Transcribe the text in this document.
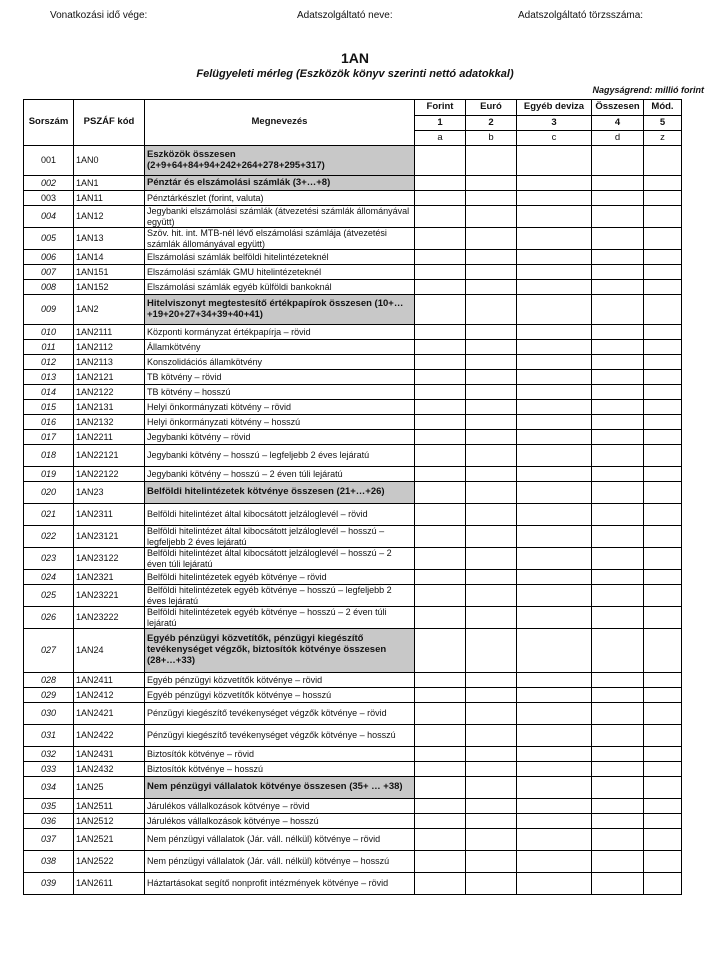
Vonatkozási idő vége:	Adatszolgáltató neve:	Adatszolgáltató törzsszáma:
1AN
Felügyeleti mérleg (Eszközök könyv szerinti nettó adatokkal)
Nagyságrend: millió forint
Sorszám	PSZÁF kód	Megnevezés	Forint	Euró	Egyéb deviza	Összesen	Mód.
			1	2	3	4	5
			a	b	c	d	z
001	1AN0	Eszközök összesen (2+9+64+84+94+242+264+278+295+317)					
002	1AN1	Pénztár és elszámolási számlák (3+…+8)					
003	1AN11	Pénztárkészlet (forint, valuta)					
004	1AN12	Jegybanki elszámolási számlák (átvezetési számlák állományával együtt)					
005	1AN13	Szöv. hit. int. MTB-nél lévő elszámolási számlája (átvezetési számlák állományával együtt)					
006	1AN14	Elszámolási számlák belföldi hitelintézeteknél					
007	1AN151	Elszámolási számlák GMU hitelintézeteknél					
008	1AN152	Elszámolási számlák egyéb külföldi bankoknál					
009	1AN2	Hitelviszonyt megtestesítő értékpapírok összesen (10+…+19+20+27+34+39+40+41)					
010	1AN2111	Központi kormányzat értékpapírja – rövid					
011	1AN2112	Államkötvény					
012	1AN2113	Konszolidációs államkötvény					
013	1AN2121	TB kötvény – rövid					
014	1AN2122	TB kötvény – hosszú					
015	1AN2131	Helyi önkormányzati kötvény – rövid					
016	1AN2132	Helyi önkormányzati kötvény – hosszú					
017	1AN2211	Jegybanki kötvény – rövid					
018	1AN22121	Jegybanki kötvény – hosszú – legfeljebb 2 éves lejáratú					
019	1AN22122	Jegybanki kötvény – hosszú – 2 éven túli lejáratú					
020	1AN23	Belföldi hitelintézetek kötvénye összesen (21+…+26)					
021	1AN2311	Belföldi hitelintézet által kibocsátott jelzáloglevél – rövid					
022	1AN23121	Belföldi hitelintézet által kibocsátott jelzáloglevél – hosszú – legfeljebb 2 éves lejáratú					
023	1AN23122	Belföldi hitelintézet által kibocsátott jelzáloglevél – hosszú – 2 éven túli lejáratú					
024	1AN2321	Belföldi hitelintézetek egyéb kötvénye – rövid					
025	1AN23221	Belföldi hitelintézetek egyéb kötvénye – hosszú – legfeljebb 2 éves lejáratú					
026	1AN23222	Belföldi hitelintézetek egyéb kötvénye – hosszú – 2 éven túli lejáratú					
027	1AN24	Egyéb pénzügyi közvetítők, pénzügyi kiegészítő tevékenységet végzők, biztosítók kötvénye összesen (28+…+33)					
028	1AN2411	Egyéb pénzügyi közvetítők kötvénye – rövid					
029	1AN2412	Egyéb pénzügyi közvetítők kötvénye – hosszú					
030	1AN2421	Pénzügyi kiegészítő tevékenységet végzők kötvénye – rövid					
031	1AN2422	Pénzügyi kiegészítő tevékenységet végzők kötvénye – hosszú					
032	1AN2431	Biztosítók kötvénye – rövid					
033	1AN2432	Biztosítók kötvénye – hosszú					
034	1AN25	Nem pénzügyi vállalatok kötvénye összesen (35+ … +38)					
035	1AN2511	Járulékos vállalkozások kötvénye – rövid					
036	1AN2512	Járulékos vállalkozások kötvénye – hosszú					
037	1AN2521	Nem pénzügyi vállalatok (Jár. váll. nélkül) kötvénye – rövid					
038	1AN2522	Nem pénzügyi vállalatok (Jár. váll. nélkül) kötvénye – hosszú					
039	1AN2611	Háztartásokat segítő nonprofit intézmények kötvénye – rövid					
